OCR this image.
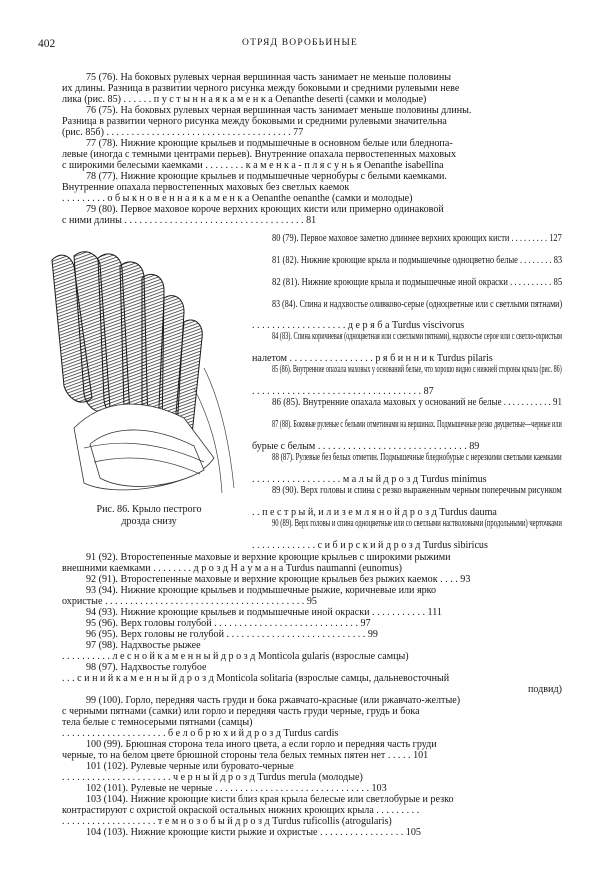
402	ОТРЯД ВОРОБЬИНЫЕ
Рис. 86. Крыло пестрого
дрозда снизу
75 (76). На боковых рулевых черная вершинная часть занимает не меньше половины
их длины. Разница в развитии черного рисунка между боковыми и средними рулевыми неве
лика (рис. 85) . . . . . . п у с т ы н н а я к а м е н к а Oenanthe deserti (самки и молодые)
76 (75). На боковых рулевых черная вершинная часть занимает меньше половины длины.
Разница в развитии черного рисунка между боковыми и средними рулевыми значительна
(рис. 85б) . . . . . . . . . . . . . . . . . . . . . . . . . . . . . . . . . . . . . 77
77 (78). Нижние кроющие крыльев и подмышечные в основном белые или бледнопа-
левые (иногда с темными центрами перьев). Внутренние опахала первостепенных маховых
с широкими белесыми каемками . . . . . . . . к а м е н к а - п л я с у н ь я Oenanthe isabellina
78 (77). Нижние кроющие крыльев и подмышечные чернобуры с белыми каемками.
Внутренние опахала первостепенных маховых без светлых каемок
. . . . . . . . . о б ы к н о в е н н а я к а м е н к а Oenanthe oenanthe (самки и молодые)
79 (80). Первое маховое короче верхних кроющих кисти или примерно одинаковой
с ними длины . . . . . . . . . . . . . . . . . . . . . . . . . . . . . . . . . . . . 81
80 (79). Первое маховое заметно длиннее верхних кроющих кисти . . . . . . . . . 127
81 (82). Нижние кроющие крыла и подмышечные одноцветно белые . . . . . . . . 83
82 (81). Нижние кроющие крыла и подмышечные иной окраски . . . . . . . . . . 85
83 (84). Спина и надхвостье оливково-серые (одноцветные или с светлыми пятнами)
. . . . . . . . . . . . . . . . . . . д е р я б а Turdus viscivorus
84 (83). Спина коричневая (одноцветная или с светлыми пятнами), надхвостье серое или с светло-охристым
налетом . . . . . . . . . . . . . . . . . р я б и н н и к Turdus pilaris
85 (86). Внутренние опахала маховых у оснований белые, что хорошо видно с нижней стороны крыла (рис. 86)
. . . . . . . . . . . . . . . . . . . . . . . . . . . . . . . . . . 87
86 (85). Внутренние опахала маховых у оснований не белые . . . . . . . . . . . 91
87 (88). Боковые рулевые с белыми отметинами на вершинах. Подмышечные резко двуцветные—черные или
бурые с белым . . . . . . . . . . . . . . . . . . . . . . . . . . . . . . 89
88 (87). Рулевые без белых отметин. Подмышечные бледнобурые с нерезкими светлыми каемками
. . . . . . . . . . . . . . . . . . м а л ы й д р о з д Turdus minimus
89 (90). Верх головы и спина с резко выраженным черным поперечным рисунком
. . п е с т р ы й, и л и з е м л я н о й д р о з д Turdus dauma
90 (89). Верх головы и спина одноцветные или со светлыми настволовыми (продольными) черточками
. . . . . . . . . . . . . с и б и р с к и й д р о з д Turdus sibiricus
91 (92). Второстепенные маховые и верхние кроющие крыльев с широкими рыжими
внешними каемками . . . . . . . . д р о з д Н а у м а н а Turdus naumanni (eunomus)
92 (91). Второстепенные маховые и верхние кроющие крыльев без рыжих каемок . . . . 93
93 (94). Нижние кроющие крыльев и подмышечные рыжие, коричневые или ярко
охристые . . . . . . . . . . . . . . . . . . . . . . . . . . . . . . . . . . . . . . . . 95
94 (93). Нижние кроющие крыльев и подмышечные иной окраски . . . . . . . . . . . 111
95 (96). Верх головы голубой . . . . . . . . . . . . . . . . . . . . . . . . . . . . . 97
96 (95). Верх головы не голубой . . . . . . . . . . . . . . . . . . . . . . . . . . . . 99
97 (98). Надхвостье рыжее
. . . . . . . . . . л е с н о й к а м е н н ы й д р о з д Monticola gularis (взрослые самцы)
98 (97). Надхвостье голубое
. . . с и н и й к а м е н н ы й д р о з д Monticola solitaria (взрослые самцы, дальневосточный
подвид)
99 (100). Горло, передняя часть груди и бока ржавчато-красные (или ржавчато-желтые)
с черными пятнами (самки) или горло и передняя часть груди черные, грудь и бока
тела белые с темносерыми пятнами (самцы)
. . . . . . . . . . . . . . . . . . . . . б е л о б р ю х и й д р о з д Turdus cardis
100 (99). Брюшная сторона тела иного цвета, а если горло и передняя часть груди
черные, то на белом цвете брюшной стороны тела белых темных пятен нет . . . . . 101
101 (102). Рулевые черные или буровато-черные
. . . . . . . . . . . . . . . . . . . . . . ч е р н ы й д р о з д Turdus merula (молодые)
102 (101). Рулевые не черные . . . . . . . . . . . . . . . . . . . . . . . . . . . . . . . 103
103 (104). Нижние кроющие кисти близ края крыла белесые или светлобурые и резко
контрастируют с охристой окраской остальных нижних кроющих крыла . . . . . . . . .
. . . . . . . . . . . . . . . . . . . т е м н о з о б ы й д р о з д Turdus ruficollis (atrogularis)
104 (103). Нижние кроющие кисти рыжие и охристые . . . . . . . . . . . . . . . . . 105
